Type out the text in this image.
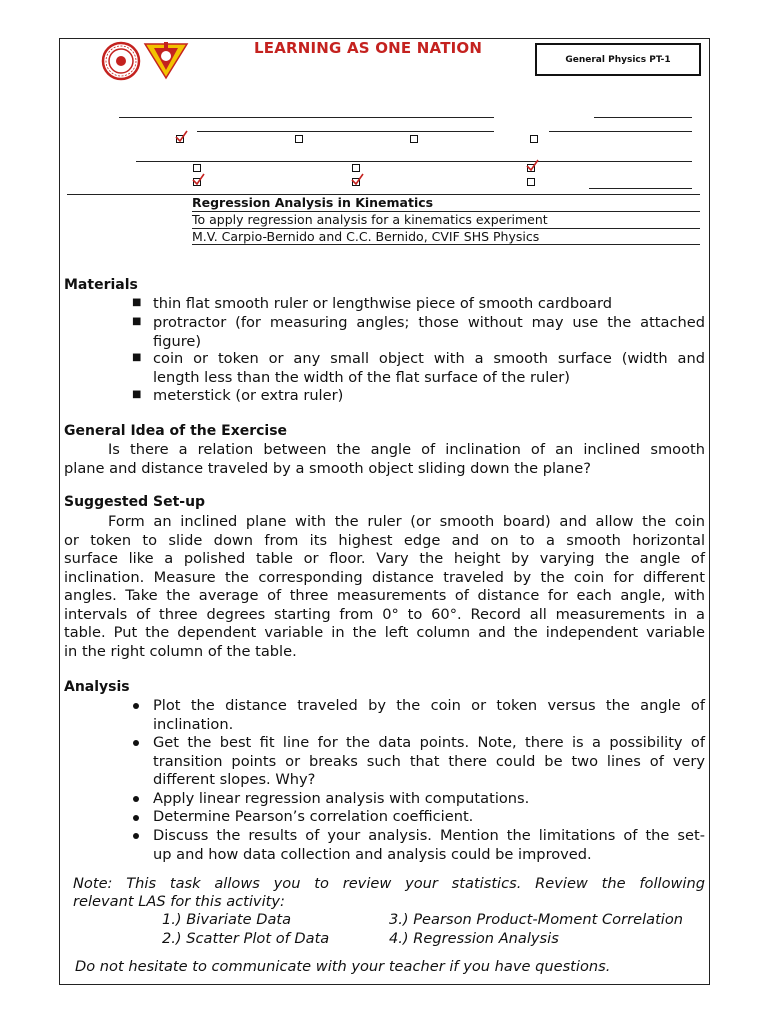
LEARNING AS ONE NATION
General Physics PT-1
Regression Analysis in Kinematics
To apply regression analysis for a kinematics experiment
M.V. Carpio-Bernido and C.C. Bernido, CVIF SHS Physics
Materials
■ thin flat smooth ruler or lengthwise piece of smooth cardboard
■ protractor (for measuring angles; those without may use the attached
figure)
■ coin or token or any small object with a smooth surface (width and
length less than the width of the flat surface of the ruler)
■ meterstick (or extra ruler)
General Idea of the Exercise
Is there a relation between the angle of inclination of an inclined smooth
plane and distance traveled by a smooth object sliding down the plane?
Suggested Set-up
Form an inclined plane with the ruler (or smooth board) and allow the coin
or token to slide down from its highest edge and on to a smooth horizontal
surface like a polished table or floor. Vary the height by varying the angle of
inclination. Measure the corresponding distance traveled by the coin for different
angles. Take the average of three measurements of distance for each angle, with
intervals of three degrees starting from 0° to 60°. Record all measurements in a
table. Put the dependent variable in the left column and the independent variable
in the right column of the table.
Analysis
Plot the distance traveled by the coin or token versus the angle of
inclination.
Get the best fit line for the data points. Note, there is a possibility of
transition points or breaks such that there could be two lines of very
different slopes. Why?
Apply linear regression analysis with computations.
Determine Pearson’s correlation coefficient.
Discuss the results of your analysis. Mention the limitations of the set-
up and how data collection and analysis could be improved.
Note: This task allows you to review your statistics. Review the following
relevant LAS for this activity:
1.) Bivariate Data	3.) Pearson Product-Moment Correlation
2.) Scatter Plot of Data	4.) Regression Analysis
Do not hesitate to communicate with your teacher if you have questions.
